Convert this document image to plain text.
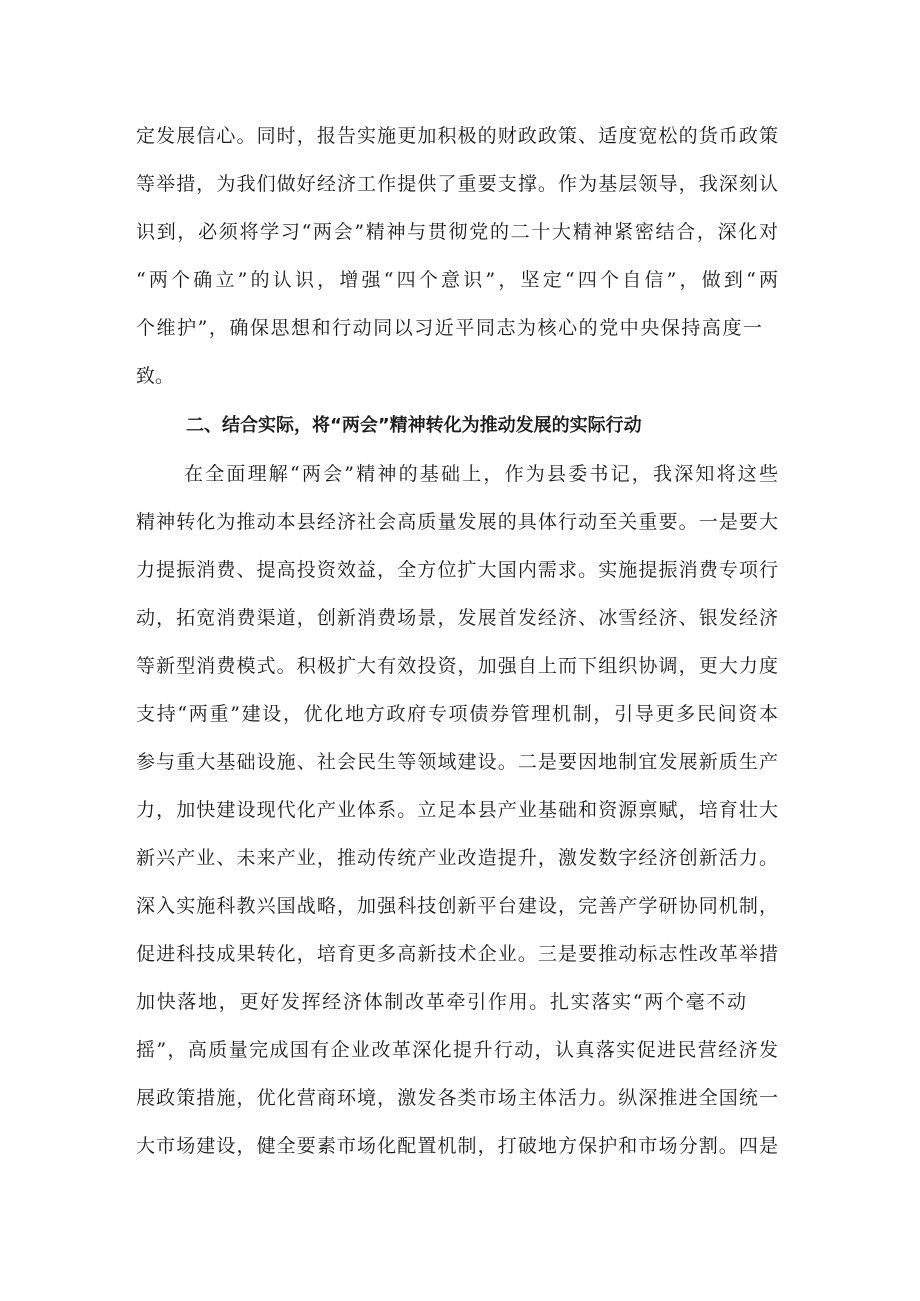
定发展信心。同时，报告实施更加积极的财政政策、适度宽松的货币政策
等举措，为我们做好经济工作提供了重要支撑。作为基层领导，我深刻认
识到，必须将学习“两会”精神与贯彻党的二十大精神紧密结合，深化对
“两个确立”的认识，增强“四个意识”，坚定“四个自信”，做到“两
个维护”，确保思想和行动同以习近平同志为核心的党中央保持高度一
致。
二、结合实际，将“两会”精神转化为推动发展的实际行动
在全面理解“两会”精神的基础上，作为县委书记，我深知将这些
精神转化为推动本县经济社会高质量发展的具体行动至关重要。一是要大
力提振消费、提高投资效益，全方位扩大国内需求。实施提振消费专项行
动，拓宽消费渠道，创新消费场景，发展首发经济、冰雪经济、银发经济
等新型消费模式。积极扩大有效投资，加强自上而下组织协调，更大力度
支持“两重”建设，优化地方政府专项债券管理机制，引导更多民间资本
参与重大基础设施、社会民生等领域建设。二是要因地制宜发展新质生产
力，加快建设现代化产业体系。立足本县产业基础和资源禀赋，培育壮大
新兴产业、未来产业，推动传统产业改造提升，激发数字经济创新活力。
深入实施科教兴国战略，加强科技创新平台建设，完善产学研协同机制，
促进科技成果转化，培育更多高新技术企业。三是要推动标志性改革举措
加快落地，更好发挥经济体制改革牵引作用。扎实落实“两个毫不动
摇”，高质量完成国有企业改革深化提升行动，认真落实促进民营经济发
展政策措施，优化营商环境，激发各类市场主体活力。纵深推进全国统一
大市场建设，健全要素市场化配置机制，打破地方保护和市场分割。四是
